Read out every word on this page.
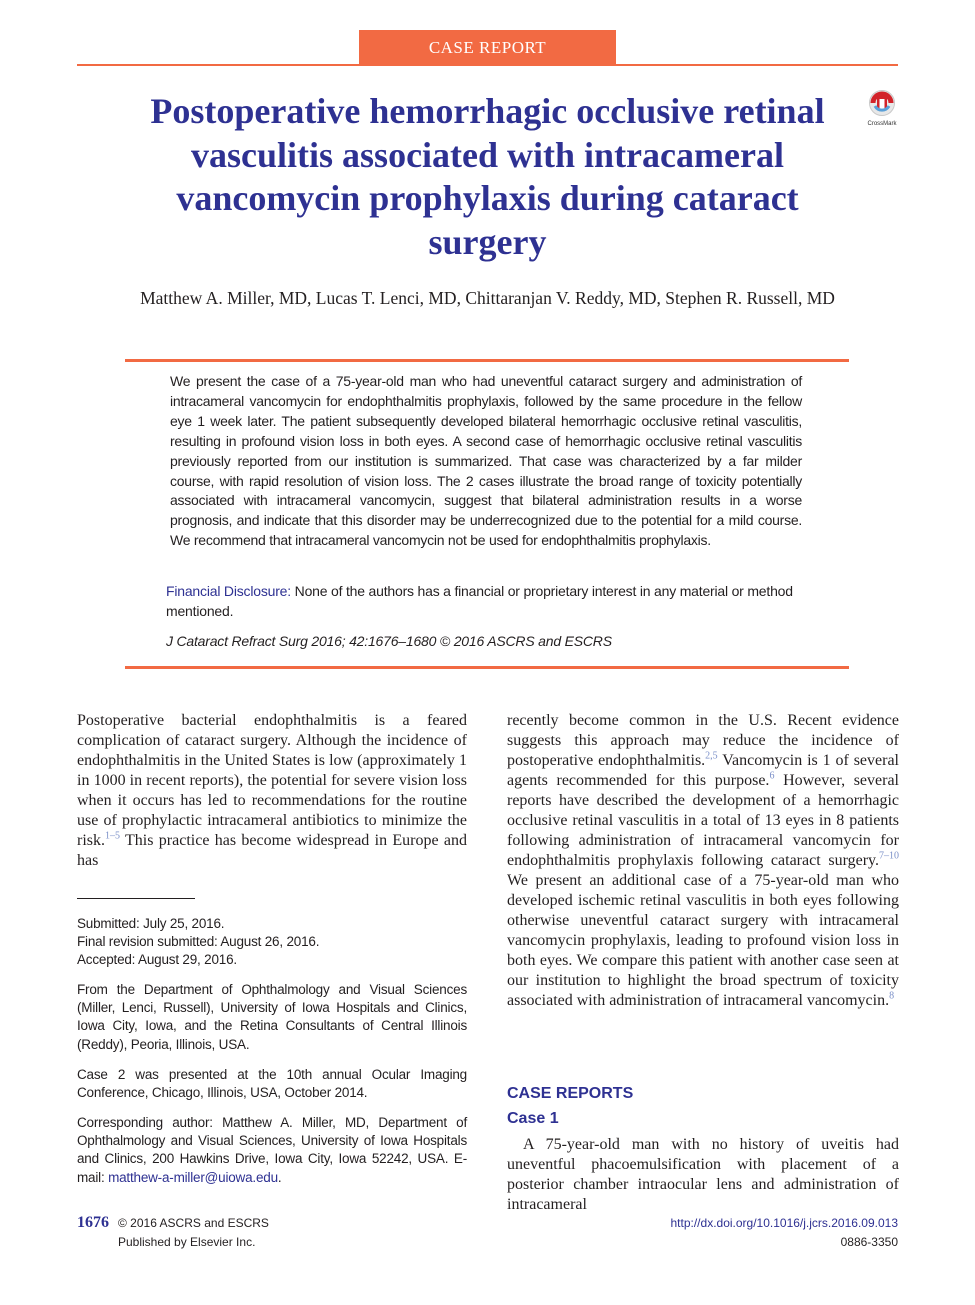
CASE REPORT
Postoperative hemorrhagic occlusive retinal vasculitis associated with intracameral vancomycin prophylaxis during cataract surgery
CrossMark
Matthew A. Miller, MD, Lucas T. Lenci, MD, Chittaranjan V. Reddy, MD, Stephen R. Russell, MD
We present the case of a 75-year-old man who had uneventful cataract surgery and administration of intracameral vancomycin for endophthalmitis prophylaxis, followed by the same procedure in the fellow eye 1 week later. The patient subsequently developed bilateral hemorrhagic occlusive retinal vasculitis, resulting in profound vision loss in both eyes. A second case of hemorrhagic occlusive retinal vasculitis previously reported from our institution is summarized. That case was characterized by a far milder course, with rapid resolution of vision loss. The 2 cases illustrate the broad range of toxicity potentially associated with intracameral vancomycin, suggest that bilateral administration results in a worse prognosis, and indicate that this disorder may be underrecognized due to the potential for a mild course. We recommend that intracameral vancomycin not be used for endophthalmitis prophylaxis.
Financial Disclosure: None of the authors has a financial or proprietary interest in any material or method mentioned.
J Cataract Refract Surg 2016; 42:1676–1680 © 2016 ASCRS and ESCRS
Postoperative bacterial endophthalmitis is a feared complication of cataract surgery. Although the incidence of endophthalmitis in the United States is low (approximately 1 in 1000 in recent reports), the potential for severe vision loss when it occurs has led to recommendations for the routine use of prophylactic intracameral antibiotics to minimize the risk.$^{1-5}$ This practice has become widespread in Europe and has
Submitted: July 25, 2016.
Final revision submitted: August 26, 2016.
Accepted: August 29, 2016.
From the Department of Ophthalmology and Visual Sciences (Miller, Lenci, Russell), University of Iowa Hospitals and Clinics, Iowa City, Iowa, and the Retina Consultants of Central Illinois (Reddy), Peoria, Illinois, USA.
Case 2 was presented at the 10th annual Ocular Imaging Conference, Chicago, Illinois, USA, October 2014.
Corresponding author: Matthew A. Miller, MD, Department of Ophthalmology and Visual Sciences, University of Iowa Hospitals and Clinics, 200 Hawkins Drive, Iowa City, Iowa 52242, USA. E-mail: matthew-a-miller@uiowa.edu.
recently become common in the U.S. Recent evidence suggests this approach may reduce the incidence of postoperative endophthalmitis.$^{2,5}$ Vancomycin is 1 of several agents recommended for this purpose.$^6$ However, several reports have described the development of a hemorrhagic occlusive retinal vasculitis in a total of 13 eyes in 8 patients following administration of intracameral vancomycin for endophthalmitis prophylaxis following cataract surgery.$^{7-10}$ We present an additional case of a 75-year-old man who developed ischemic retinal vasculitis in both eyes following otherwise uneventful cataract surgery with intracameral vancomycin prophylaxis, leading to profound vision loss in both eyes. We compare this patient with another case seen at our institution to highlight the broad spectrum of toxicity associated with administration of intracameral vancomycin.$^8$
CASE REPORTS
Case 1
A 75-year-old man with no history of uveitis had uneventful phacoemulsification with placement of a posterior chamber intraocular lens and administration of intracameral
1676 © 2016 ASCRS and ESCRS
Published by Elsevier Inc.
http://dx.doi.org/10.1016/j.jcrs.2016.09.013
0886-3350
